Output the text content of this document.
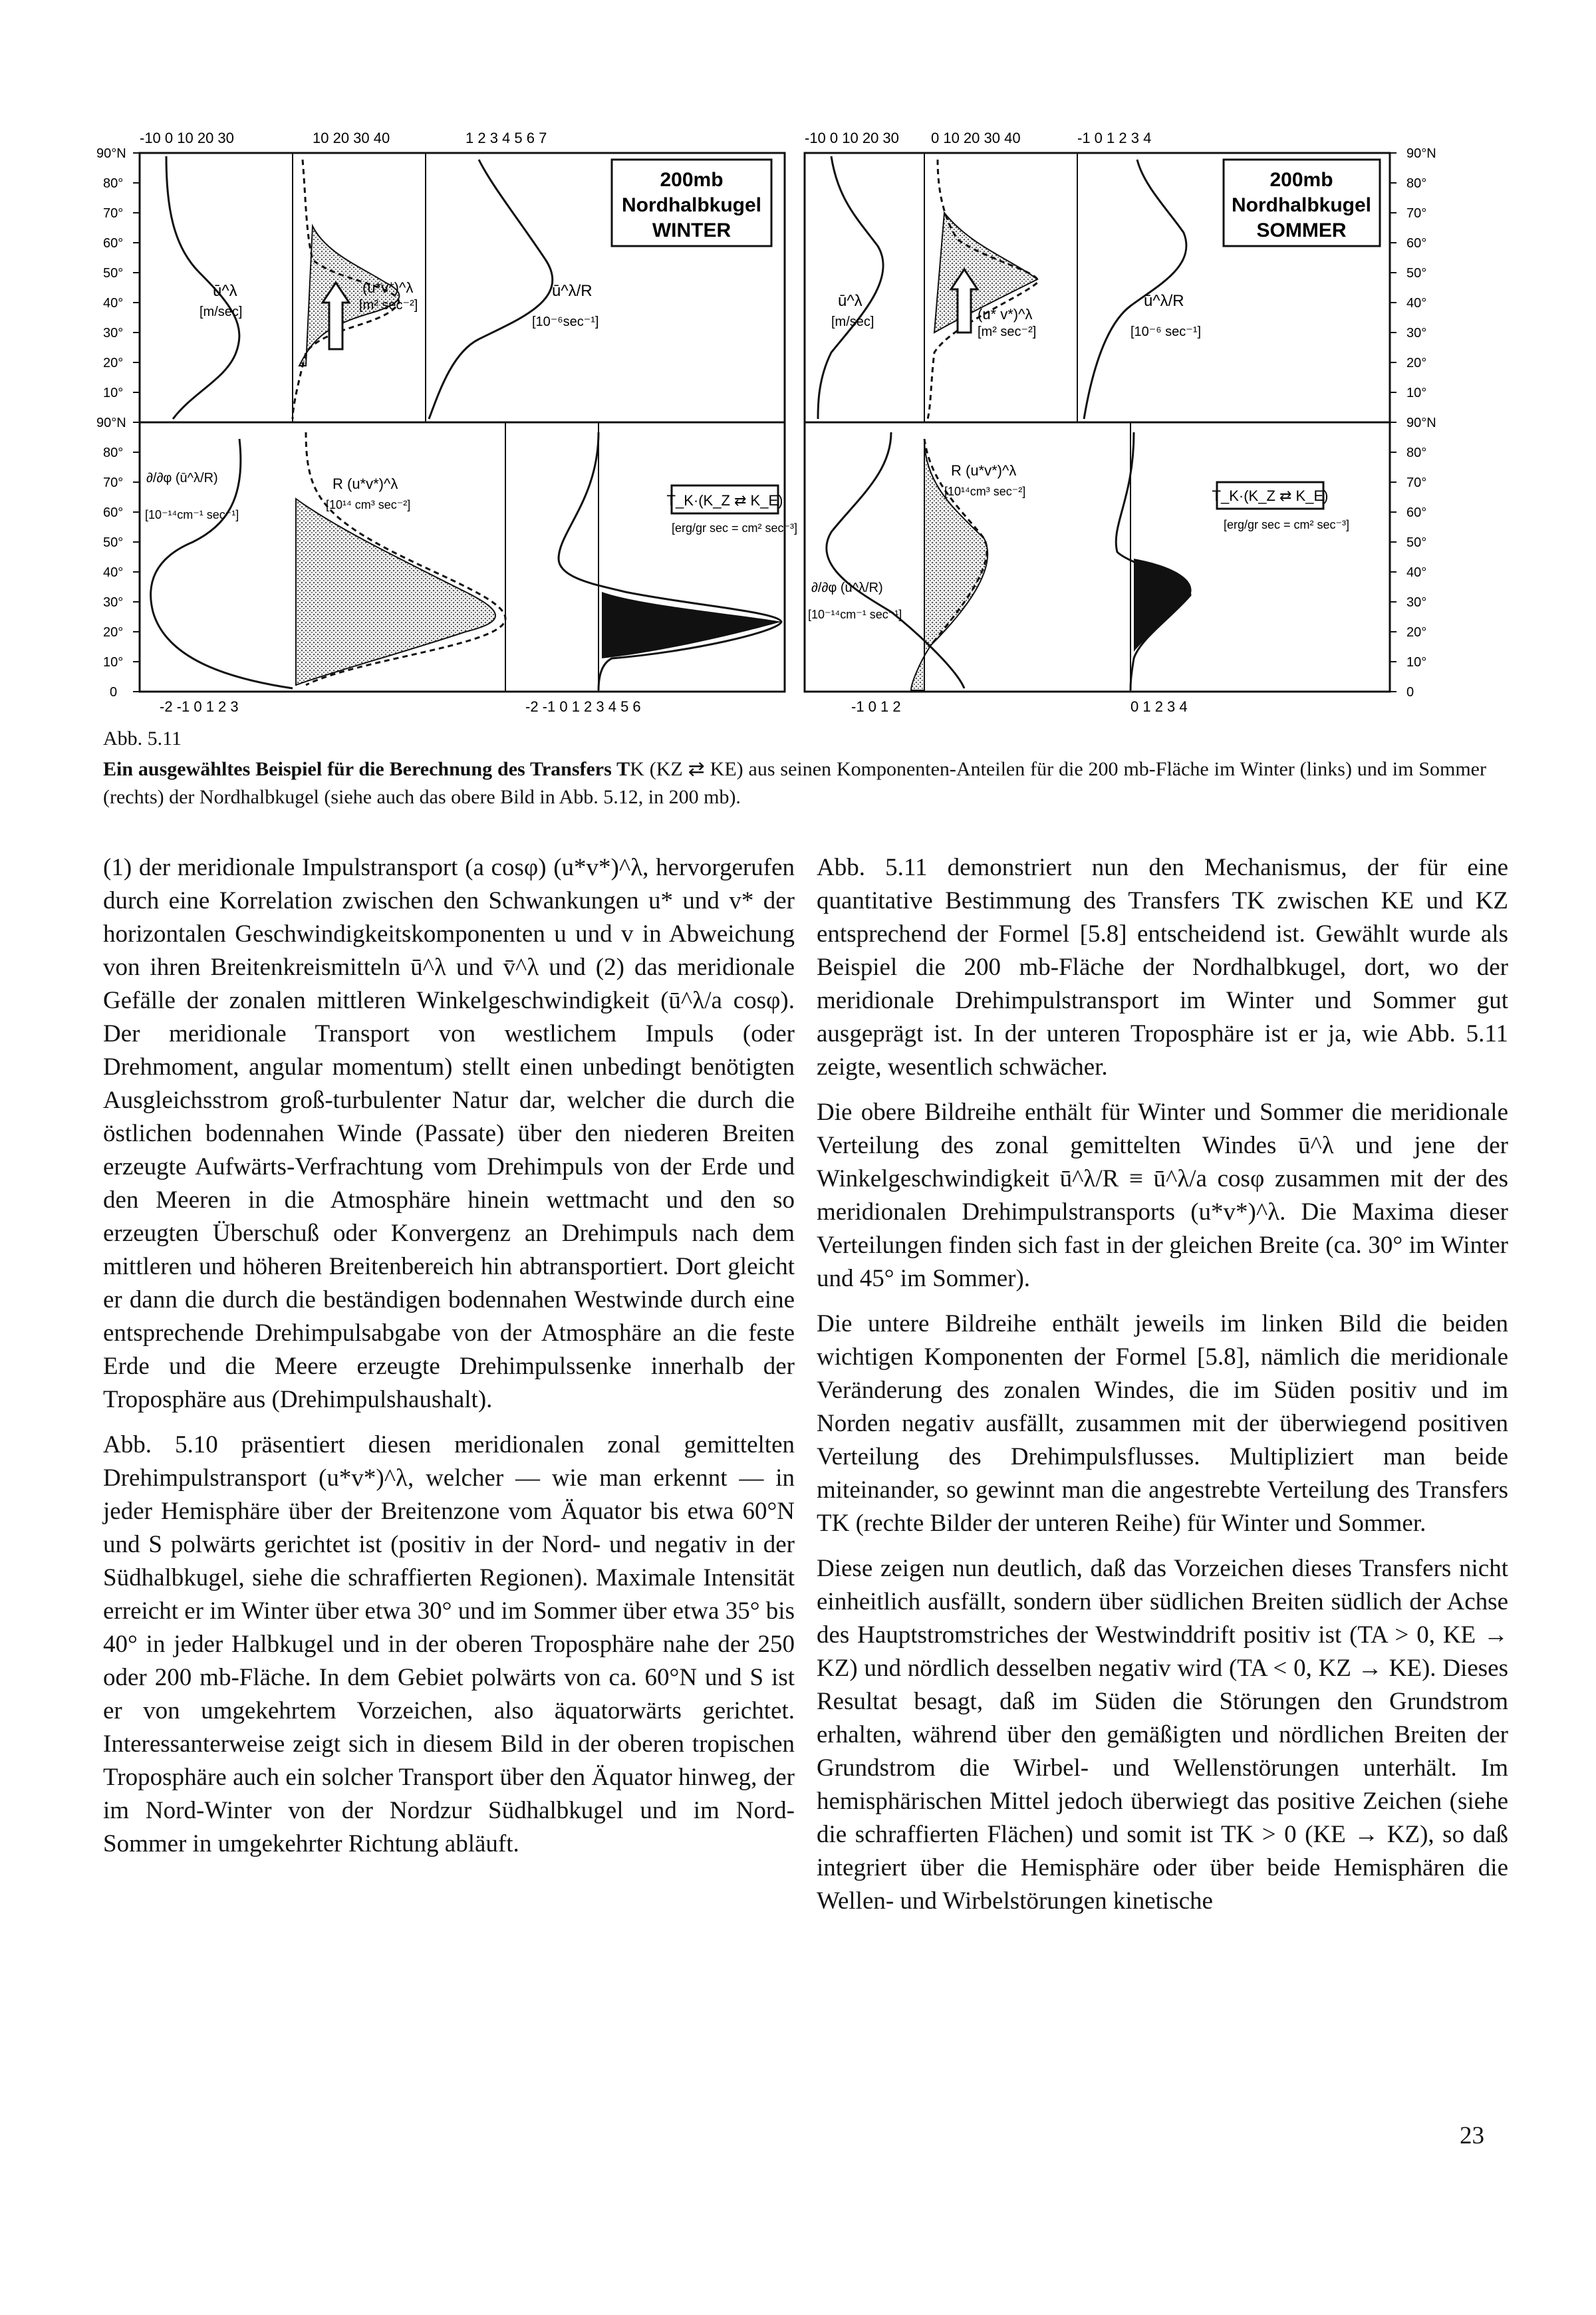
200mb
Nordhalbkugel
WINTER
ū^λ
[m/sec]
(u*v*)^λ
[m² sec⁻²]
ū^λ/R
[10⁻⁶sec⁻¹]
-10 0 10 20 30	10 20 30 40	1 2 3 4 5 6 7
T_K·(K_Z ⇄ K_E)
[erg/gr sec = cm² sec⁻³]
∂/∂φ (ū^λ/R)
[10⁻¹⁴cm⁻¹ sec⁻¹]
R (u*v*)^λ
[10¹⁴ cm³ sec⁻²]
-2 -1 0 1 2 3	-2 -1 0 1 2 3 4 5 6
200mb
Nordhalbkugel
SOMMER
ū^λ
[m/sec]	(u* v*)^λ
[m² sec⁻²]
ū^λ/R
[10⁻⁶ sec⁻¹]
-10 0 10 20 30 0 10 20 30 40	-1 0 1 2 3 4
T_K·(K_Z ⇄ K_E)
[erg/gr sec = cm² sec⁻³]
∂/∂φ (ū^λ/R)
[10⁻¹⁴cm⁻¹ sec⁻¹]
R (u*v*)^λ
[10¹⁴cm³ sec⁻²]
-1 0 1 2	0 1 2 3 4
90°N
80°
70°
60°
50°
40°
30°
20°
10°
90°N
80°
70°
60°
50°
40°
30°
20°
10°
0
90°N
80°
70°
60°
50°
40°
30°
20°
10°
90°N
80°
70°
60°
50°
40°
30°
20°
10°
0
Abb. 5.11
Ein ausgewähltes Beispiel für die Berechnung des Transfers TK (KZ ⇄ KE) aus seinen Komponenten-Anteilen für die 200 mb-Fläche im Winter (links) und im Sommer (rechts) der Nordhalbkugel (siehe auch das obere Bild in Abb. 5.12, in 200 mb).

(1) der meridionale Impulstransport (a cosφ) (u*v*)^λ, hervorgerufen durch eine Korrelation zwischen den Schwankungen u* und v* der horizontalen Geschwindigkeitskomponenten u und v in Abweichung von ihren Breitenkreismitteln ū^λ und v̄^λ und (2) das meridionale Gefälle der zonalen mittleren Winkelgeschwindigkeit (ū^λ/a cosφ). Der meridionale Transport von westlichem Impuls (oder Drehmoment, angular momentum) stellt einen unbedingt benötigten Ausgleichsstrom groß-turbulenter Natur dar, welcher die durch die östlichen bodennahen Winde (Passate) über den niederen Breiten erzeugte Aufwärts-Verfrachtung vom Drehimpuls von der Erde und den Meeren in die Atmosphäre hinein wettmacht und den so erzeugten Überschuß oder Konvergenz an Drehimpuls nach dem mittleren und höheren Breitenbereich hin abtransportiert. Dort gleicht er dann die durch die beständigen bodennahen Westwinde durch eine entsprechende Drehimpulsabgabe von der Atmosphäre an die feste Erde und die Meere erzeugte Drehimpulssenke innerhalb der Troposphäre aus (Drehimpulshaushalt).

Abb. 5.10 präsentiert diesen meridionalen zonal gemittelten Drehimpulstransport (u*v*)^λ, welcher — wie man erkennt — in jeder Hemisphäre über der Breitenzone vom Äquator bis etwa 60°N und S polwärts gerichtet ist (positiv in der Nord- und negativ in der Südhalbkugel, siehe die schraffierten Regionen). Maximale Intensität erreicht er im Winter über etwa 30° und im Sommer über etwa 35° bis 40° in jeder Halbkugel und in der oberen Troposphäre nahe der 250 oder 200 mb-Fläche. In dem Gebiet polwärts von ca. 60°N und S ist er von umgekehrtem Vorzeichen, also äquatorwärts gerichtet. Interessanterweise zeigt sich in diesem Bild in der oberen tropischen Troposphäre auch ein solcher Transport über den Äquator hinweg, der im Nord-Winter von der Nordzur Südhalbkugel und im Nord-Sommer in umgekehrter Richtung abläuft.

Abb. 5.11 demonstriert nun den Mechanismus, der für eine quantitative Bestimmung des Transfers TK zwischen KE und KZ entsprechend der Formel [5.8] entscheidend ist. Gewählt wurde als Beispiel die 200 mb-Fläche der Nordhalbkugel, dort, wo der meridionale Drehimpulstransport im Winter und Sommer gut ausgeprägt ist. In der unteren Troposphäre ist er ja, wie Abb. 5.11 zeigte, wesentlich schwächer.

Die obere Bildreihe enthält für Winter und Sommer die meridionale Verteilung des zonal gemittelten Windes ū^λ und jene der Winkelgeschwindigkeit ū^λ/R ≡ ū^λ/a cosφ zusammen mit der des meridionalen Drehimpulstransports (u*v*)^λ. Die Maxima dieser Verteilungen finden sich fast in der gleichen Breite (ca. 30° im Winter und 45° im Sommer).

Die untere Bildreihe enthält jeweils im linken Bild die beiden wichtigen Komponenten der Formel [5.8], nämlich die meridionale Veränderung des zonalen Windes, die im Süden positiv und im Norden negativ ausfällt, zusammen mit der überwiegend positiven Verteilung des Drehimpulsflusses. Multipliziert man beide miteinander, so gewinnt man die angestrebte Verteilung des Transfers TK (rechte Bilder der unteren Reihe) für Winter und Sommer.

Diese zeigen nun deutlich, daß das Vorzeichen dieses Transfers nicht einheitlich ausfällt, sondern über südlichen Breiten südlich der Achse des Hauptstromstriches der Westwinddrift positiv ist (TA > 0, KE → KZ) und nördlich desselben negativ wird (TA < 0, KZ → KE). Dieses Resultat besagt, daß im Süden die Störungen den Grundstrom erhalten, während über den gemäßigten und nördlichen Breiten der Grundstrom die Wirbel- und Wellenstörungen unterhält. Im hemisphärischen Mittel jedoch überwiegt das positive Zeichen (siehe die schraffierten Flächen) und somit ist TK > 0 (KE → KZ), so daß integriert über die Hemisphäre oder über beide Hemisphären die Wellen- und Wirbelstörungen kinetische

23
